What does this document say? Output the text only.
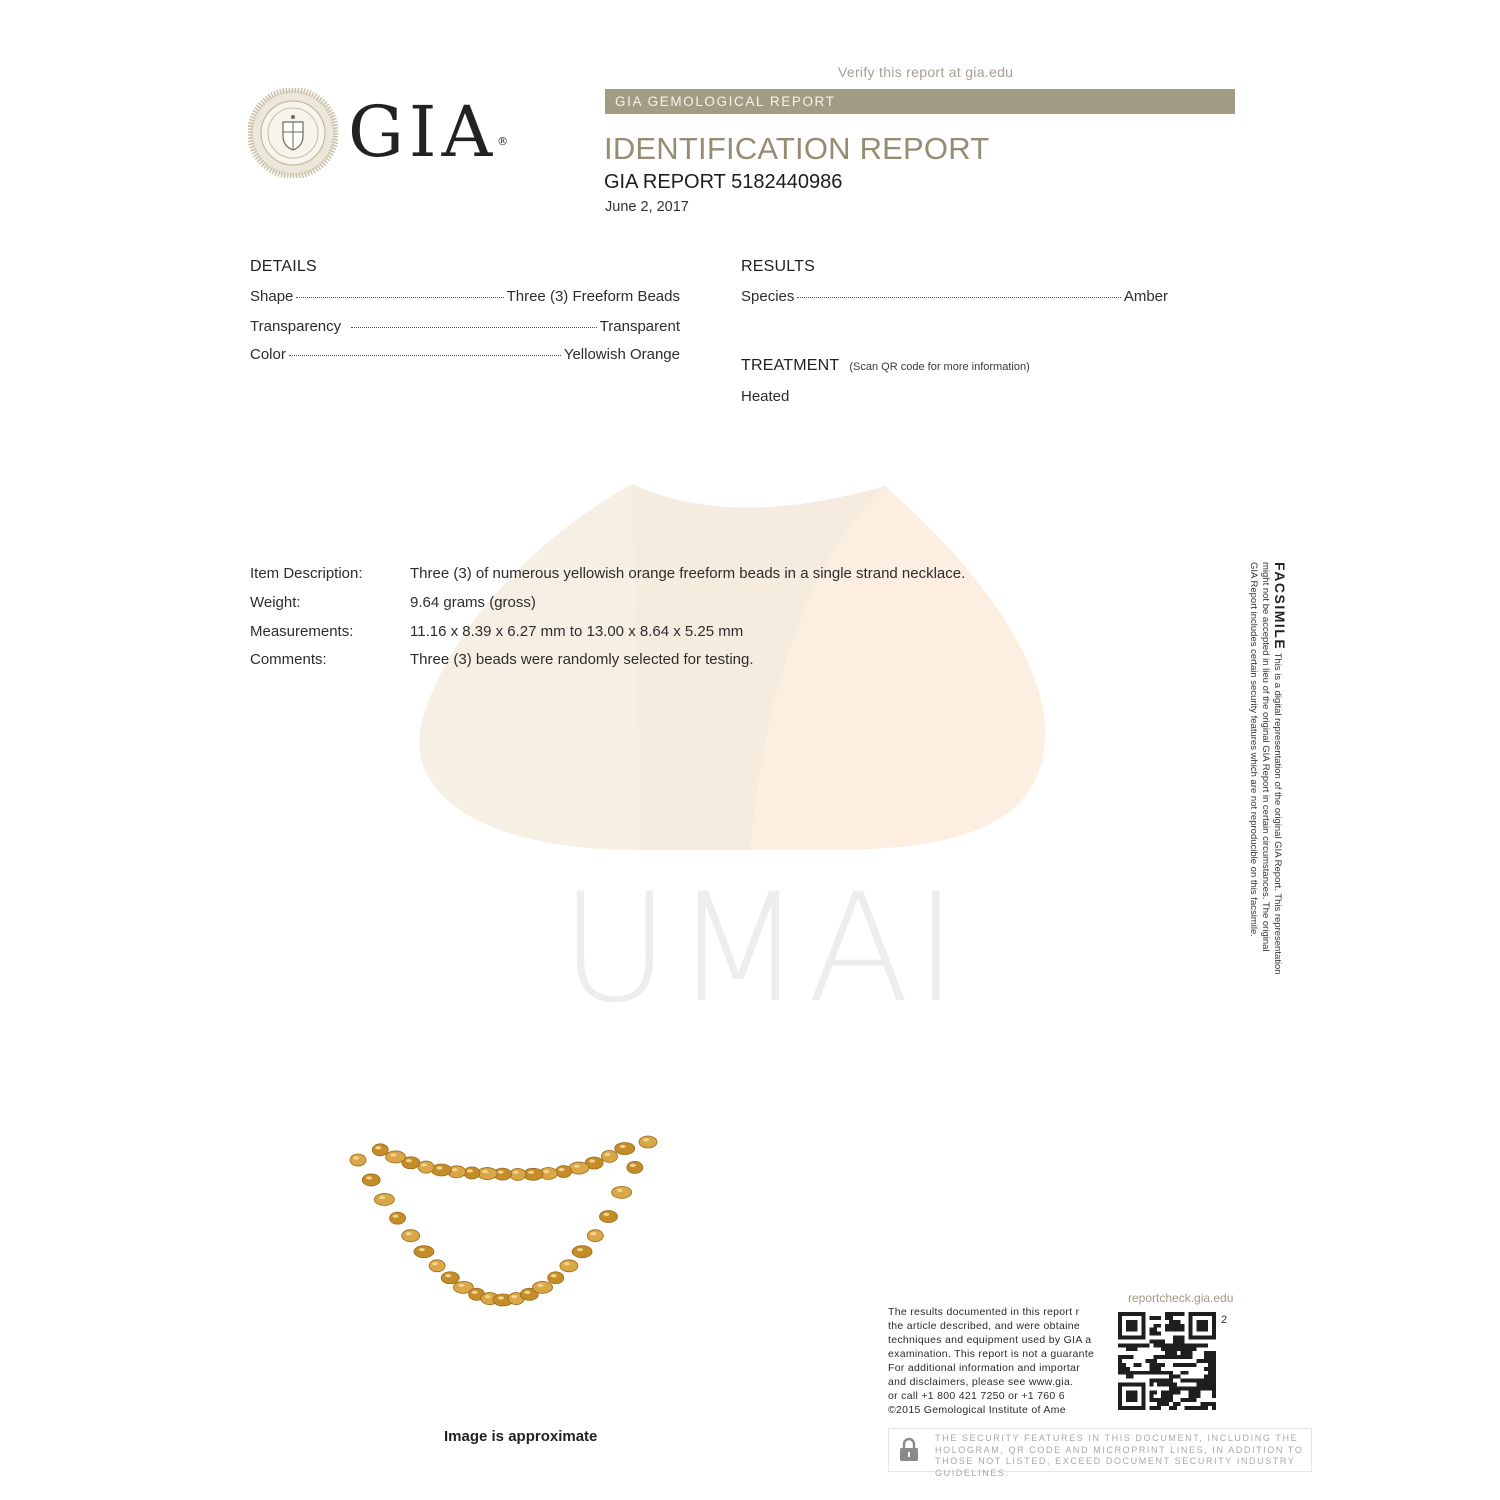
UMAI
GIA®
Verify this report at gia.edu
GIA GEMOLOGICAL REPORT
IDENTIFICATION REPORT
GIA REPORT 5182440986
June 2, 2017
DETAILS
Shape	Three (3) Freeform Beads
Transparency	Transparent
Color	Yellowish Orange
RESULTS
Species	Amber
TREATMENT (Scan QR code for more information)
Heated
Item Description:	Three (3) of numerous yellowish orange freeform beads in a single strand necklace.
Weight:	9.64 grams (gross)
Measurements:	11.16 x 8.39 x 6.27 mm to 13.00 x 8.64 x 5.25 mm
Comments:	Three (3) beads were randomly selected for testing.
FACSIMILE This is a digital representation of the original GIA Report. This representation
might not be accepted in lieu of the original GIA Report in certain circumstances. The original
GIA Report includes certain security features which are not reproducible on this facsimile.
Image is approximate
reportcheck.gia.edu
The results documented in this report r
the article described, and were obtaine
techniques and equipment used by GIA a
examination. This report is not a guarante
For additional information and importar
and disclaimers, please see www.gia.
or call +1 800 421 7250 or +1 760 6
©2015 Gemological Institute of Ame
2
THE SECURITY FEATURES IN THIS DOCUMENT, INCLUDING THE HOLOGRAM, QR CODE AND MICROPRINT LINES, IN ADDITION TO THOSE NOT LISTED, EXCEED DOCUMENT SECURITY INDUSTRY GUIDELINES.
